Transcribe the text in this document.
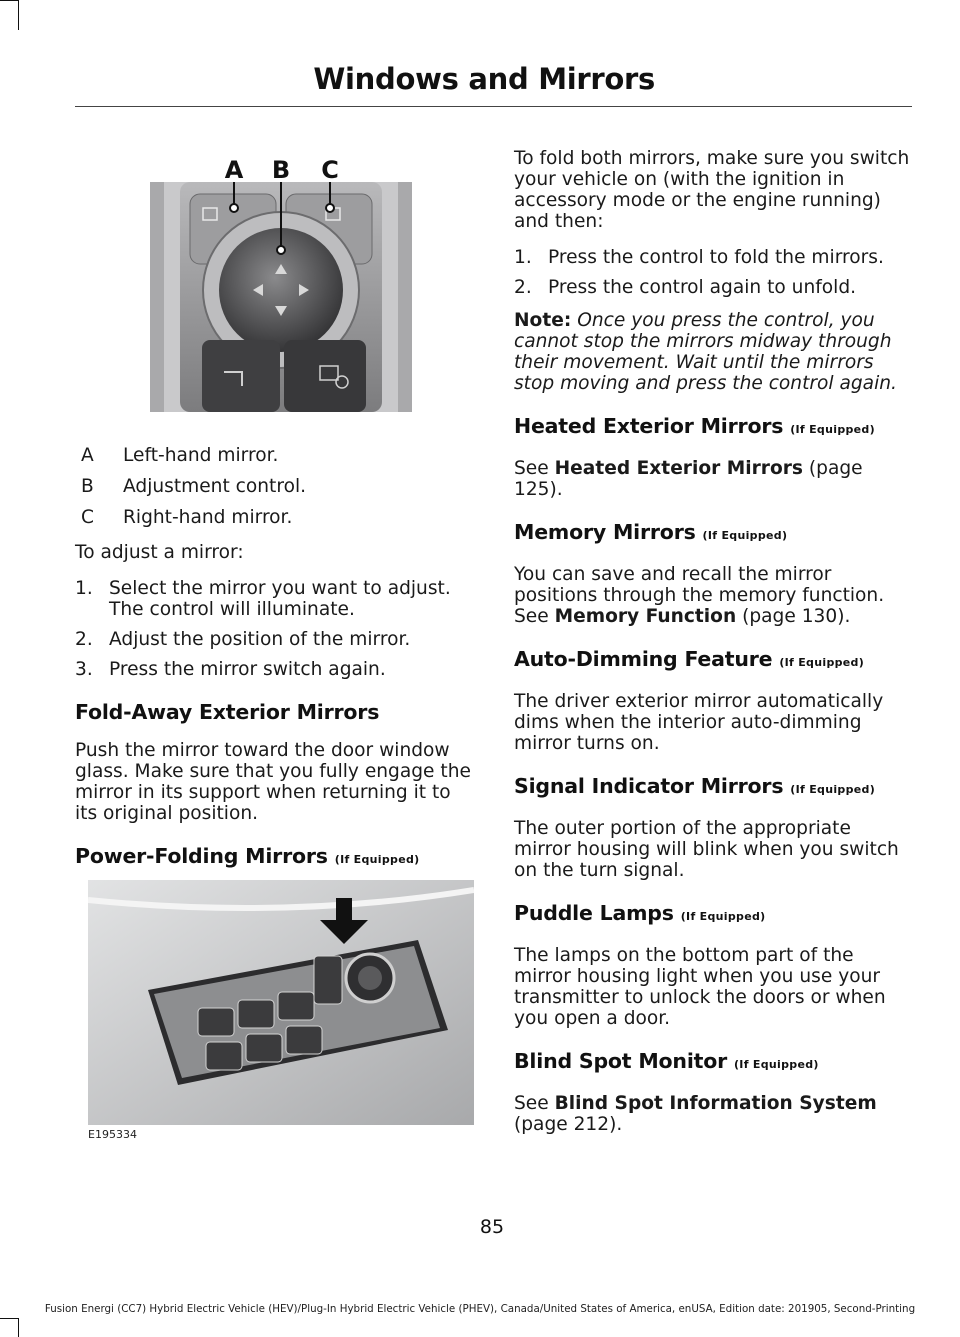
Windows and Mirrors
A B C
A	Left-hand mirror.
B	Adjustment control.
C	Right-hand mirror.

To adjust a mirror:

1. Select the mirror you want to adjust. The control will illuminate.
2. Adjust the position of the mirror.
3. Press the mirror switch again.
Fold-Away Exterior Mirrors

Push the mirror toward the door window glass. Make sure that you fully engage the mirror in its support when returning it to its original position.

Power-Folding Mirrors (If Equipped)
E195334

To fold both mirrors, make sure you switch your vehicle on (with the ignition in accessory mode or the engine running) and then:

1. Press the control to fold the mirrors.
2. Press the control again to unfold.

Note: Once you press the control, you cannot stop the mirrors midway through their movement. Wait until the mirrors stop moving and press the control again.

Heated Exterior Mirrors (If Equipped)

See Heated Exterior Mirrors (page 125).

Memory Mirrors (If Equipped)

You can save and recall the mirror positions through the memory function. See Memory Function (page 130).

Auto-Dimming Feature (If Equipped)

The driver exterior mirror automatically dims when the interior auto-dimming mirror turns on.

Signal Indicator Mirrors (If Equipped)

The outer portion of the appropriate mirror housing will blink when you switch on the turn signal.

Puddle Lamps (If Equipped)

The lamps on the bottom part of the mirror housing light when you use your transmitter to unlock the doors or when you open a door.

Blind Spot Monitor (If Equipped)

See Blind Spot Information System (page 212).

85
Fusion Energi (CC7) Hybrid Electric Vehicle (HEV)/Plug-In Hybrid Electric Vehicle (PHEV), Canada/United States of America, enUSA, Edition date: 201905, Second-Printing
